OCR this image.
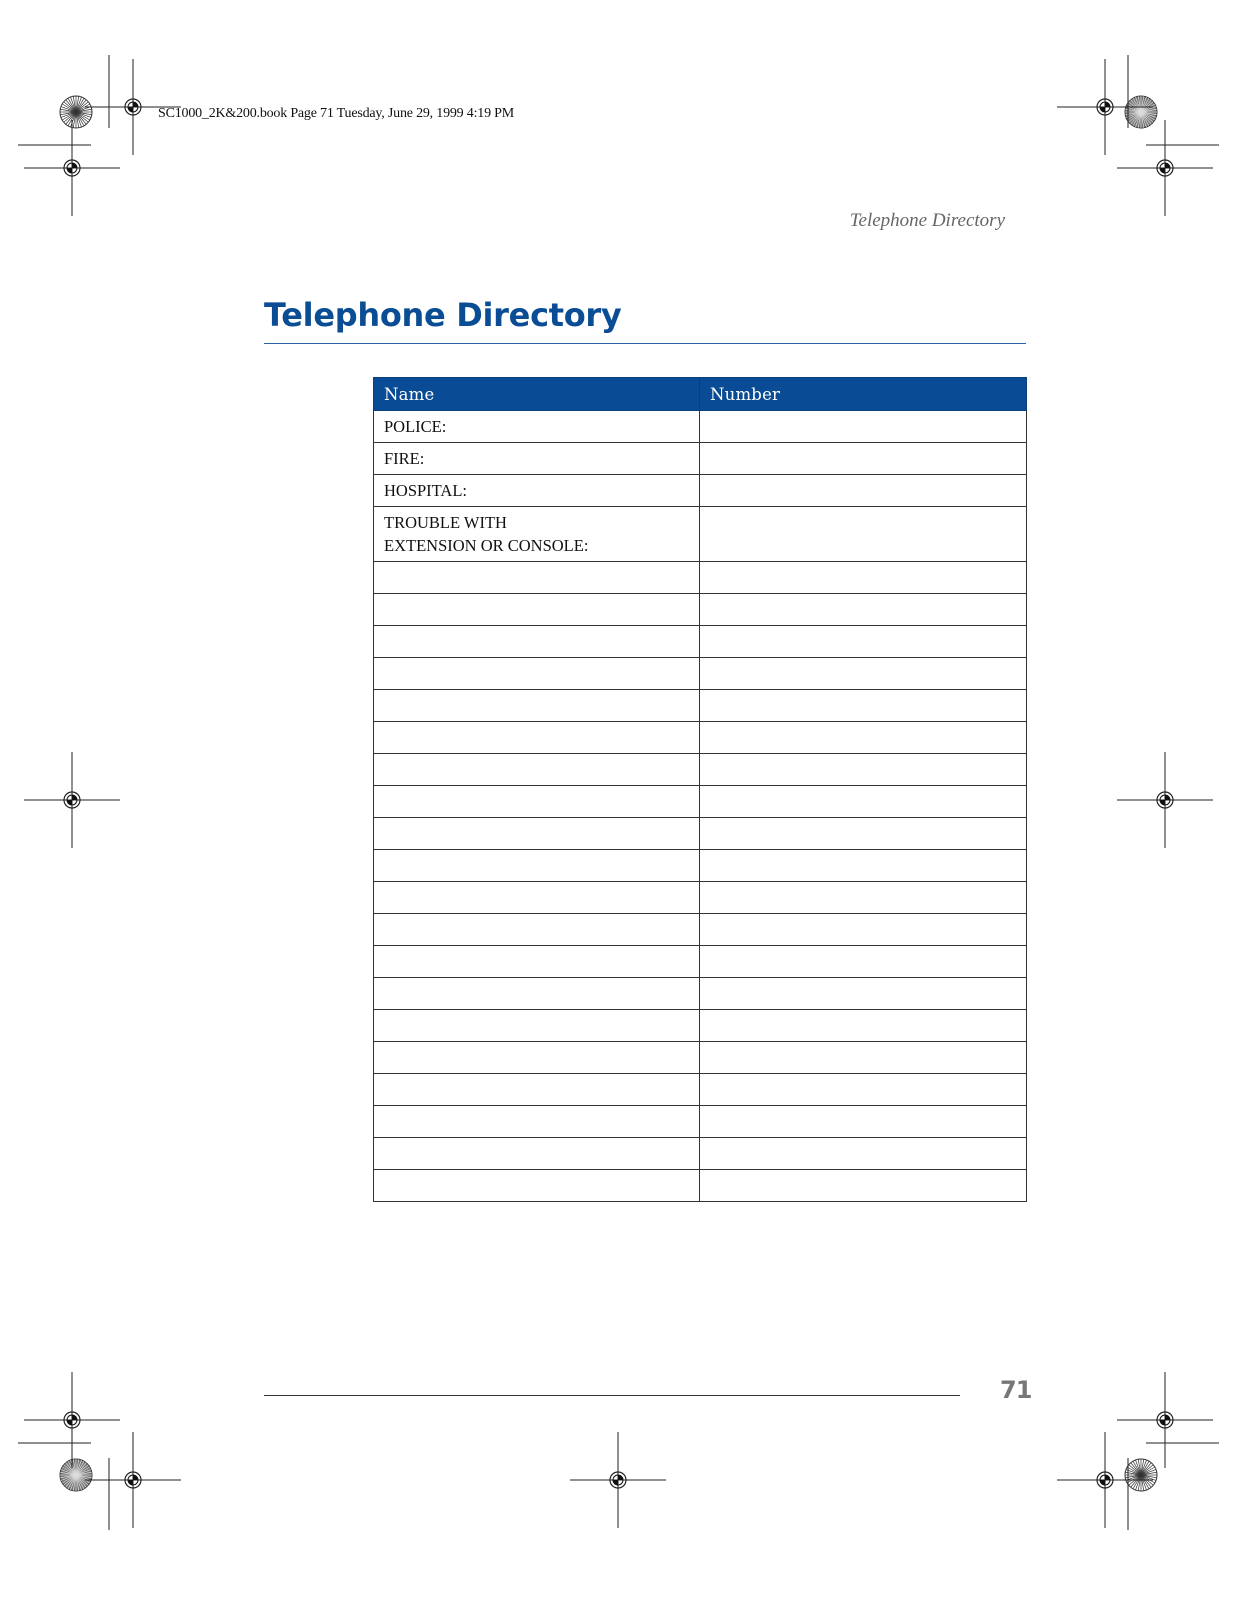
SC1000_2K&200.book Page 71 Tuesday, June 29, 1999 4:19 PM
Telephone Directory
Telephone Directory
Name	Number
POLICE:	
FIRE:	
HOSPITAL:	
TROUBLE WITH
EXTENSION OR CONSOLE:	

71
